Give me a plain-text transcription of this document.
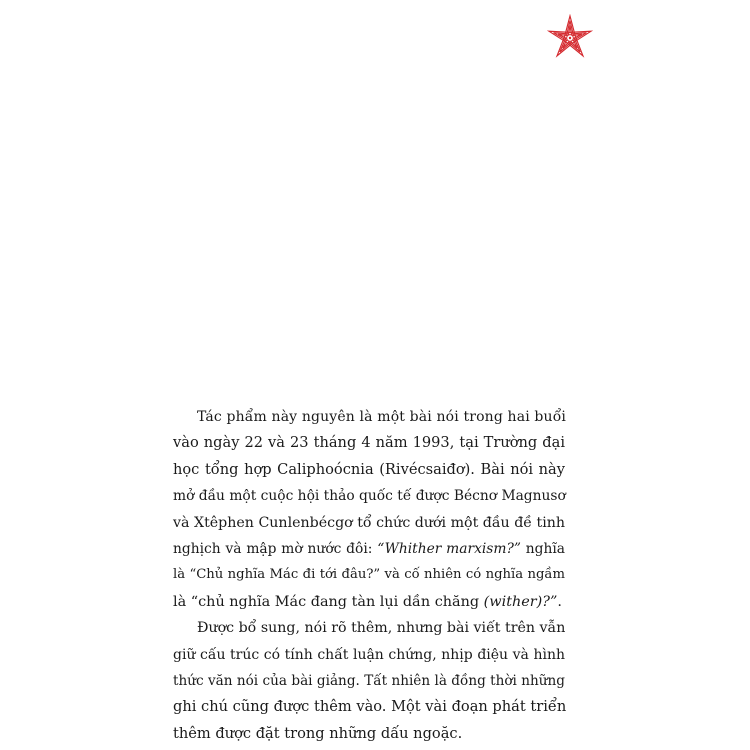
Tác phẩm này nguyên là một bài nói trong hai buổi
vào ngày 22 và 23 tháng 4 năm 1993, tại Trường đại
học tổng hợp Caliphoócnia (Rivécsaiđơ). Bài nói này
mở đầu một cuộc hội thảo quốc tế được Bécnơ Magnusơ
và Xtêphen Cunlenbécgơ tổ chức dưới một đầu đề tinh
nghịch và mập mờ nước đôi: “Whither marxism?” nghĩa
là “Chủ nghĩa Mác đi tới đâu?” và cố nhiên có nghĩa ngầm
là “chủ nghĩa Mác đang tàn lụi dần chăng (wither)?”.

Được bổ sung, nói rõ thêm, nhưng bài viết trên vẫn
giữ cấu trúc có tính chất luận chứng, nhịp điệu và hình
thức văn nói của bài giảng. Tất nhiên là đồng thời những
ghi chú cũng được thêm vào. Một vài đoạn phát triển
thêm được đặt trong những dấu ngoặc.
